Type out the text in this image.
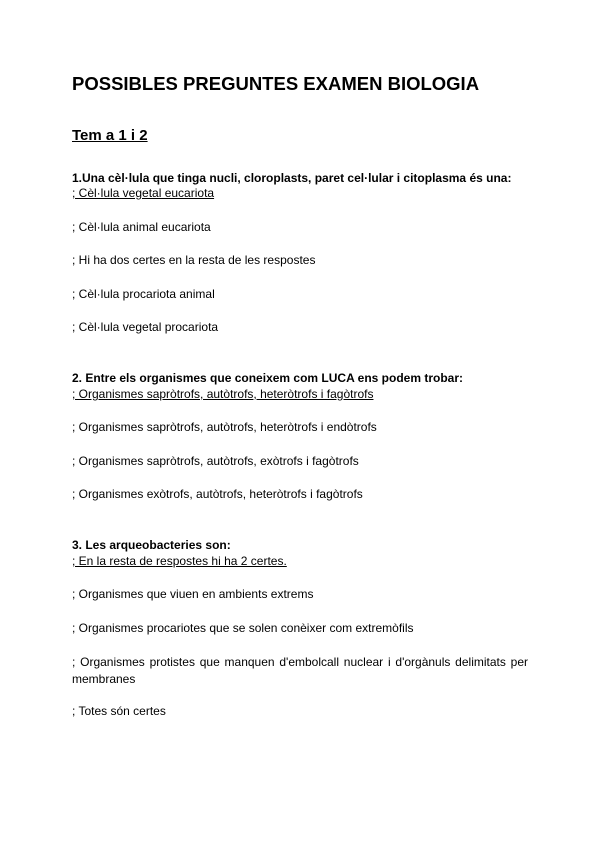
POSSIBLES PREGUNTES EXAMEN BIOLOGIA
Tem a 1 i 2
1.Una cèl·lula que tinga nucli, cloroplasts, paret cel·lular i citoplasma és una:
; Cèl·lula vegetal eucariota
; Cèl·lula animal eucariota
; Hi ha dos certes en la resta de les respostes
; Cèl·lula procariota animal
; Cèl·lula vegetal procariota
2. Entre els organismes que coneixem com LUCA ens podem trobar:
; Organismes sapròtrofs, autòtrofs, heteròtrofs i fagòtrofs
; Organismes sapròtrofs, autòtrofs, heteròtrofs i endòtrofs
; Organismes sapròtrofs, autòtrofs, exòtrofs i fagòtrofs
; Organismes exòtrofs, autòtrofs, heteròtrofs i fagòtrofs
3. Les arqueobacteries son:
; En la resta de respostes hi ha 2 certes.
; Organismes que viuen en ambients extrems
; Organismes procariotes que se solen conèixer com extremòfils
; Organismes protistes que manquen d'embolcall nuclear i d'orgànuls delimitats per membranes
; Totes són certes
